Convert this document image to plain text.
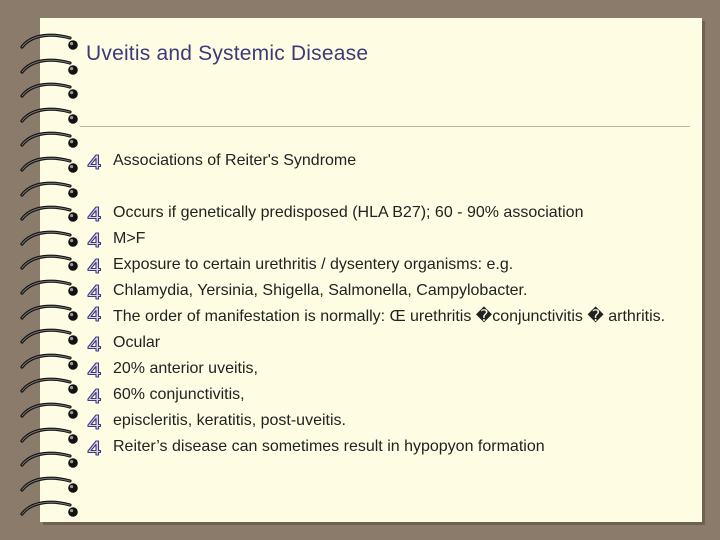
Uveitis and Systemic Disease
Associations of Reiter's Syndrome
Occurs if genetically predisposed (HLA B27); 60 - 90% association
M>F
Exposure to certain urethritis / dysentery organisms: e.g.
Chlamydia, Yersinia, Shigella, Salmonella, Campylobacter.
The order of manifestation is normally: Œ urethritis �conjunctivitis � arthritis.
Ocular
20% anterior uveitis,
60% conjunctivitis,
episcleritis, keratitis, post-uveitis.
Reiter’s disease can sometimes result in hypopyon formation
